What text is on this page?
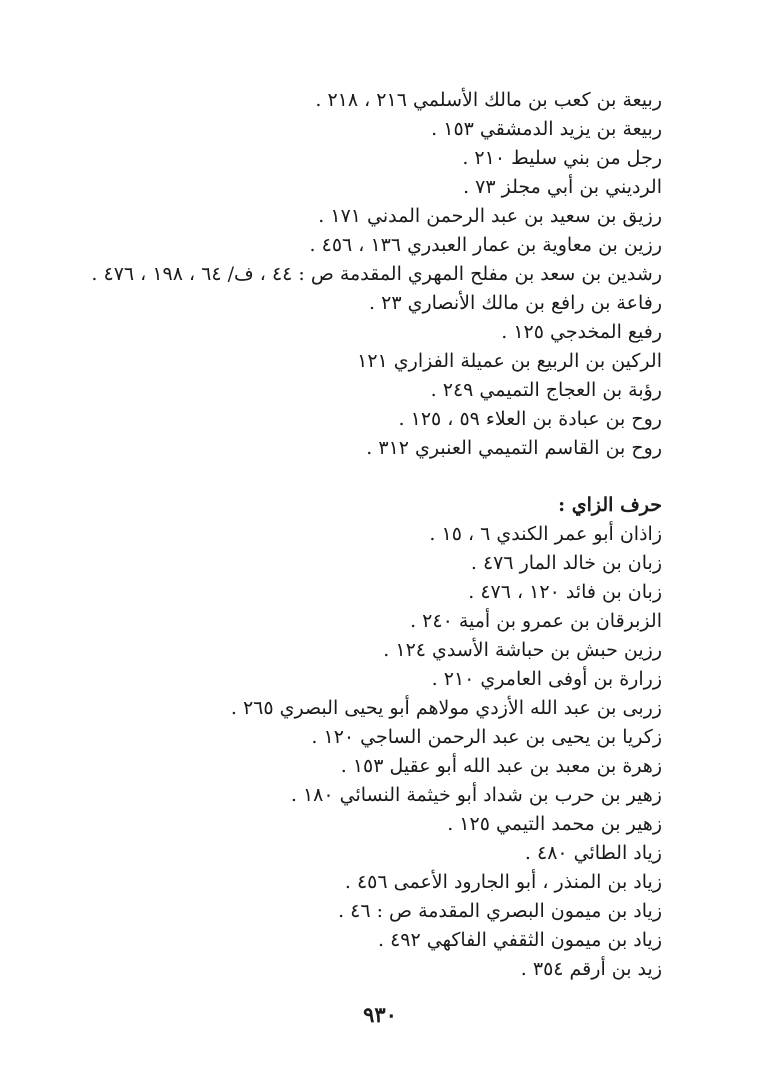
ربيعة بن كعب بن مالك الأسلمي ٢١٦ ، ٢١٨ .
ربيعة بن يزيد الدمشقي ١٥٣ .
رجل من بني سليط ٢١٠ .
الرديني بن أبي مجلز ٧٣ .
رزيق بن سعيد بن عبد الرحمن المدني ١٧١ .
رزين بن معاوية بن عمار العبدري ١٣٦ ، ٤٥٦ .
رشدين بن سعد بن مفلح المهري المقدمة ص : ٤٤ ، ف/ ٦٤ ، ١٩٨ ، ٤٧٦ .
رفاعة بن رافع بن مالك الأنصاري ٢٣ .
رفيع المخدجي ١٢٥ .
الركين بن الربيع بن عميلة الفزاري ١٢١
رؤبة بن العجاج التميمي ٢٤٩ .
روح بن عبادة بن العلاء ٥٩ ، ١٢٥ .
روح بن القاسم التميمي العنبري ٣١٢ .
حرف الزاي :
زاذان أبو عمر الكندي ٦ ، ١٥ .
زبان بن خالد المار ٤٧٦ .
زبان بن فائد ١٢٠ ، ٤٧٦ .
الزبرقان بن عمرو بن أمية ٢٤٠ .
رزين حبش بن حباشة الأسدي ١٢٤ .
زرارة بن أوفى العامري ٢١٠ .
زربى بن عبد الله الأزدي مولاهم أبو يحيى البصري ٢٦٥ .
زكريا بن يحيى بن عبد الرحمن الساجي ١٢٠ .
زهرة بن معبد بن عبد الله أبو عقيل ١٥٣ .
زهير بن حرب بن شداد أبو خيثمة النسائي ١٨٠ .
زهير بن محمد التيمي ١٢٥ .
زياد الطائي ٤٨٠ .
زياد بن المنذر ، أبو الجارود الأعمى ٤٥٦ .
زياد بن ميمون البصري المقدمة ص : ٤٦ .
زياد بن ميمون الثقفي الفاكهي ٤٩٢ .
زيد بن أرقم ٣٥٤ .
٩٣٠
